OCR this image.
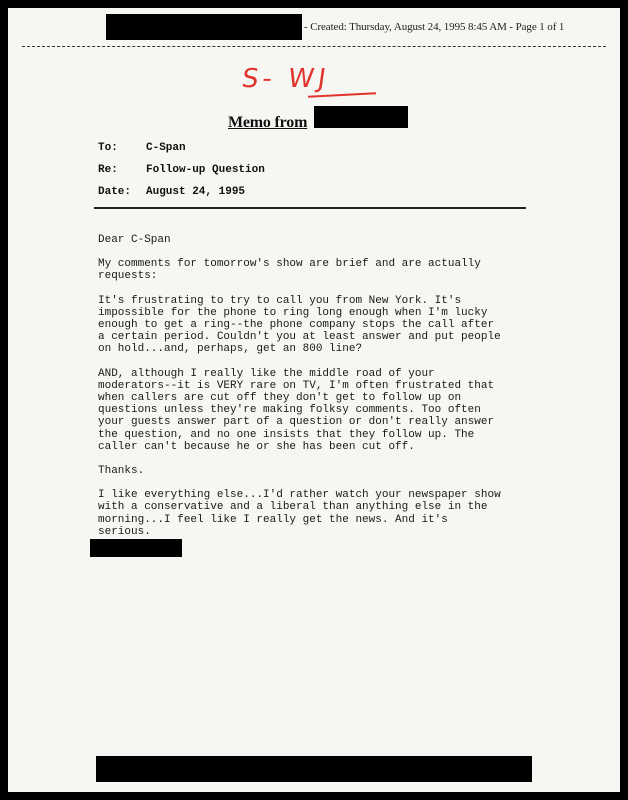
- Created: Thursday, August 24, 1995 8:45 AM - Page 1 of 1
S- WJ
Memo from
To:	C-Span
Re:	Follow-up Question
Date: August 24, 1995

Dear C-Span

My comments for tomorrow's show are brief and are actually
requests:

It's frustrating to try to call you from New York. It's
impossible for the phone to ring long enough when I'm lucky
enough to get a ring--the phone company stops the call after
a certain period. Couldn't you at least answer and put people
on hold...and, perhaps, get an 800 line?

AND, although I really like the middle road of your
moderators--it is VERY rare on TV, I'm often frustrated that
when callers are cut off they don't get to follow up on
questions unless they're making folksy comments. Too often
your guests answer part of a question or don't really answer
the question, and no one insists that they follow up. The
caller can't because he or she has been cut off.

Thanks.

I like everything else...I'd rather watch your newspaper show
with a conservative and a liberal than anything else in the
morning...I feel like I really get the news. And it's
serious.
